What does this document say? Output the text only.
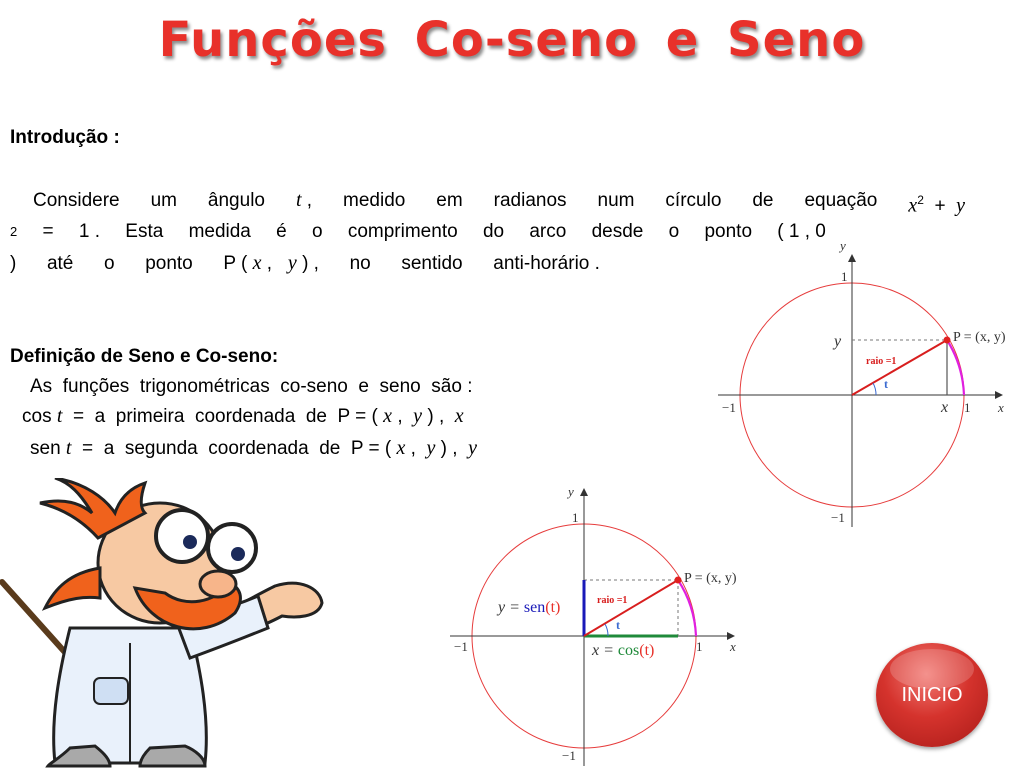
Funções Co-seno e Seno
Introdução :
Considere um ângulo t , medido em radianos num círculo de equação $x^2 + y$
2 = 1 . Esta medida é o comprimento do arco desde o ponto ( 1 , 0
) até o ponto P ( x , y ) , no sentido anti-horário .
Definição de Seno e Co-seno:
As  funções  trigonométricas  co-seno  e  seno  são :
cos t  =  a  primeira  coordenada  de  P = ( x , y ) , x
sen t  =  a  segunda  coordenada  de  P = ( x , y ) , y
y
x
1
−1
1
−1
P = (x, y)
y
x
raio =1
t
y
x
1
−1
1
−1
P = (x, y)
y = sen(t)
x = cos(t)
raio =1
t
INICIO
